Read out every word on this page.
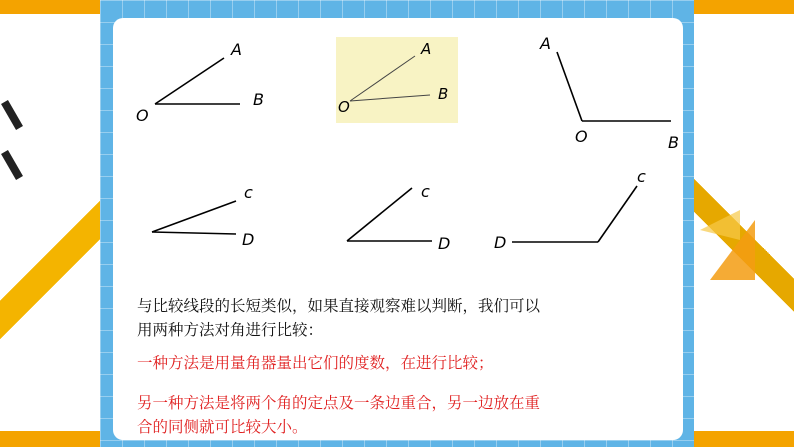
A
O
B
A
O
B
A
O	B
c
D
c
D
c
D
与比较线段的长短类似，如果直接观察难以判断，我们可以
用两种方法对角进行比较：
一种方法是用量角器量出它们的度数，在进行比较；
另一种方法是将两个角的定点及一条边重合，另一边放在重
合的同侧就可比较大小。
